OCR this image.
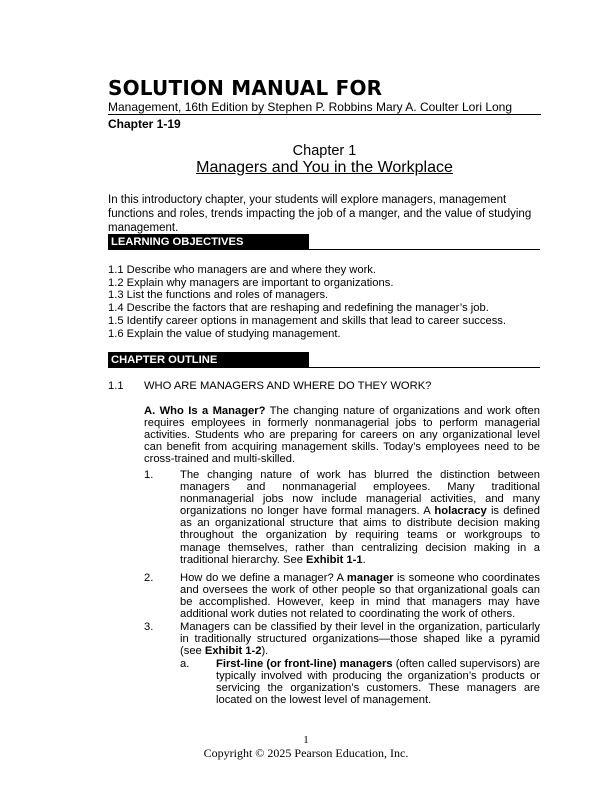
SOLUTION MANUAL FOR
Management, 16th Edition by Stephen P. Robbins Mary A. Coulter Lori Long
Chapter 1-19
Chapter 1
Managers and You in the Workplace
In this introductory chapter, your students will explore managers, management functions and roles, trends impacting the job of a manger, and the value of studying management.
LEARNING OBJECTIVES
1.1 Describe who managers are and where they work.
1.2 Explain why managers are important to organizations.
1.3 List the functions and roles of managers.
1.4 Describe the factors that are reshaping and redefining the manager’s job.
1.5 Identify career options in management and skills that lead to career success.
1.6 Explain the value of studying management.
CHAPTER OUTLINE
1.1 WHO ARE MANAGERS AND WHERE DO THEY WORK?
A. Who Is a Manager? The changing nature of organizations and work often requires employees in formerly nonmanagerial jobs to perform managerial activities. Students who are preparing for careers on any organizational level can benefit from acquiring management skills. Today’s employees need to be cross-trained and multi-skilled.
1. The changing nature of work has blurred the distinction between managers and nonmanagerial employees. Many traditional nonmanagerial jobs now include managerial activities, and many organizations no longer have formal managers. A holacracy is defined as an organizational structure that aims to distribute decision making throughout the organization by requiring teams or workgroups to manage themselves, rather than centralizing decision making in a traditional hierarchy. See Exhibit 1-1.
2. How do we define a manager? A manager is someone who coordinates and oversees the work of other people so that organizational goals can be accomplished. However, keep in mind that managers may have additional work duties not related to coordinating the work of others.
3. Managers can be classified by their level in the organization, particularly in traditionally structured organizations—those shaped like a pyramid (see Exhibit 1-2).
a. First-line (or front-line) managers (often called supervisors) are typically involved with producing the organization’s products or servicing the organization’s customers. These managers are located on the lowest level of management.
1
Copyright © 2025 Pearson Education, Inc.
